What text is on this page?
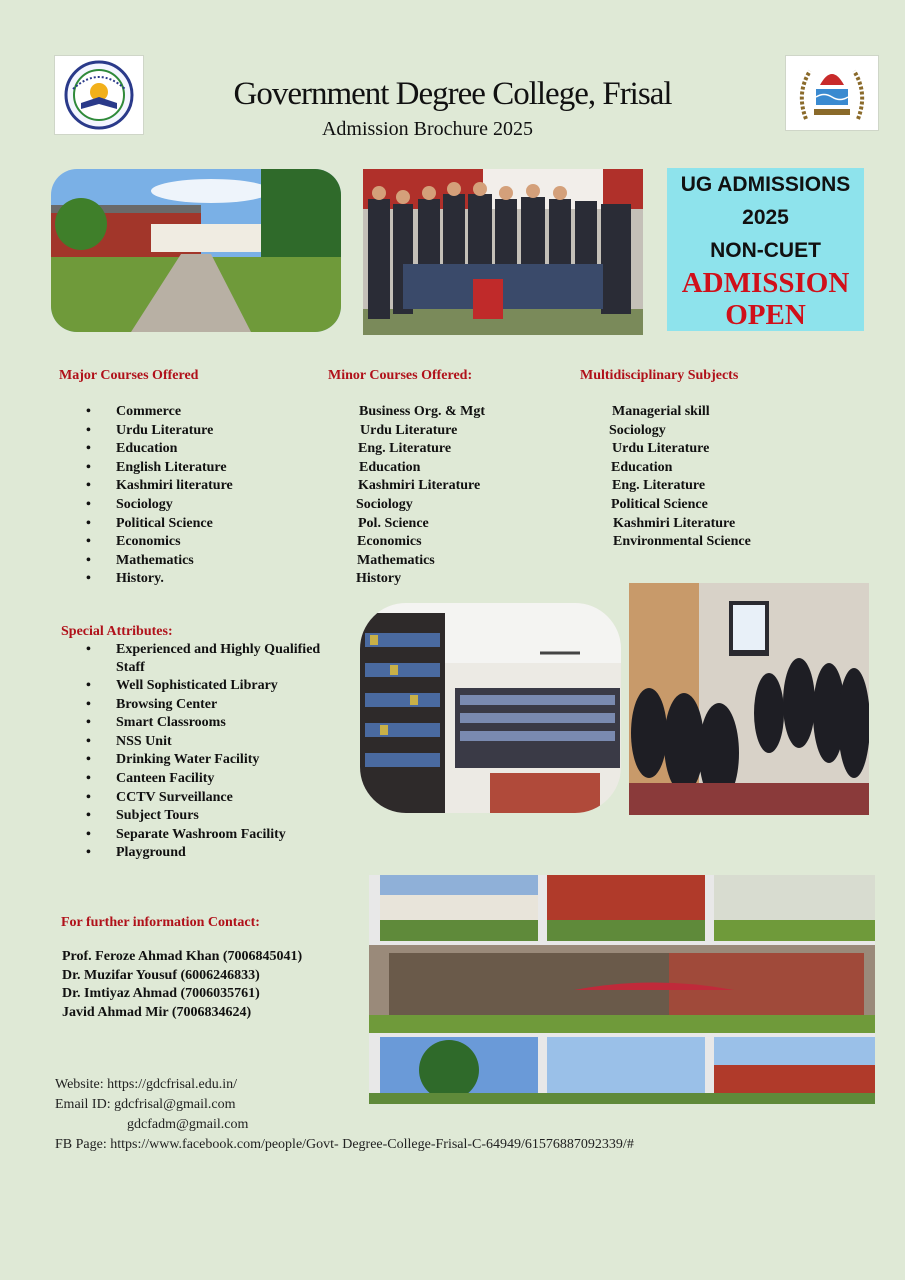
Government Degree College, Frisal
Admission Brochure 2025
UG ADMISSIONS
2025
NON-CUET
ADMISSION
OPEN
Major Courses Offered	Minor Courses Offered:	Multidisciplinary Subjects
• Commerce
• Urdu Literature
• Education
• English Literature
• Kashmiri literature
• Sociology
• Political Science
• Economics
• Mathematics
• History.
Business Org. & Mgt
Urdu Literature
Eng. Literature
Education
Kashmiri Literature
Sociology
Pol. Science
Economics
Mathematics
History
Managerial skill
Sociology
Urdu Literature
Education
Eng. Literature
Political Science
Kashmiri Literature
Environmental Science
Special Attributes:
• Experienced and Highly Qualified Staff
• Well Sophisticated Library
• Browsing Center
• Smart Classrooms
• NSS Unit
• Drinking Water Facility
• Canteen Facility
• CCTV Surveillance
• Subject Tours
• Separate Washroom Facility
• Playground
For further information Contact:
Prof. Feroze Ahmad Khan (7006845041)
Dr. Muzifar Yousuf (6006246833)
Dr. Imtiyaz Ahmad (7006035761)
Javid Ahmad Mir (7006834624)
Website: https://gdcfrisal.edu.in/
Email ID: gdcfrisal@gmail.com
gdcfadm@gmail.com
FB Page: https://www.facebook.com/people/Govt- Degree-College-Frisal-C-64949/61576887092339/#
